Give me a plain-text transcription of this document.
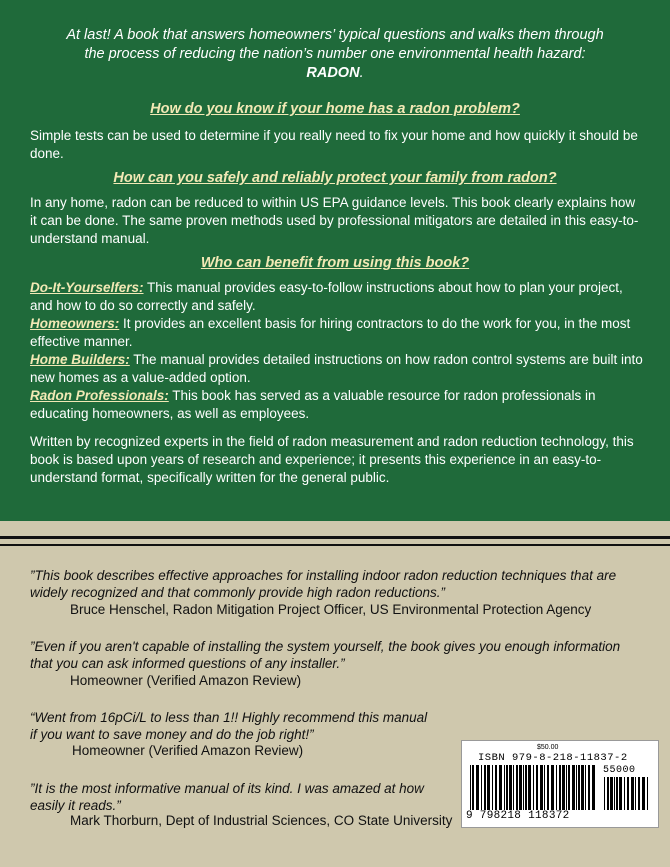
At last! A book that answers homeowners’ typical questions and walks them through the process of reducing the nation’s number one environmental health hazard: RADON.
How do you know if your home has a radon problem?
Simple tests can be used to determine if you really need to fix your home and how quickly it should be done.
How can you safely and reliably protect your family from radon?
In any home, radon can be reduced to within US EPA guidance levels. This book clearly explains how it can be done. The same proven methods used by professional mitigators are detailed in this easy-to-understand manual.
Who can benefit from using this book?
Do-It-Yourselfers: This manual provides easy-to-follow instructions about how to plan your project, and how to do so correctly and safely.
Homeowners: It provides an excellent basis for hiring contractors to do the work for you, in the most effective manner.
Home Builders: The manual provides detailed instructions on how radon control systems are built into new homes as a value-added option.
Radon Professionals: This book has served as a valuable resource for radon professionals in educating homeowners, as well as employees.
Written by recognized experts in the field of radon measurement and radon reduction technology, this book is based upon years of research and experience; it presents this experience in an easy-to-understand format, specifically written for the general public.
”This book describes effective approaches for installing indoor radon reduction techniques that are widely recognized and that commonly provide high radon reductions.”
Bruce Henschel, Radon Mitigation Project Officer, US Environmental Protection Agency
”Even if you aren't capable of installing the system yourself, the book gives you enough information that you can ask informed questions of any installer.”
Homeowner (Verified Amazon Review)
“Went from 16pCi/L to less than 1!! Highly recommend this manual if you want to save money and do the job right!”
Homeowner (Verified Amazon Review)
”It is the most informative manual of its kind. I was amazed at how easily it reads.”
Mark Thorburn, Dept of Industrial Sciences, CO State University
$50.00
ISBN 979-8-218-11837-2
55000
9 798218 118372
